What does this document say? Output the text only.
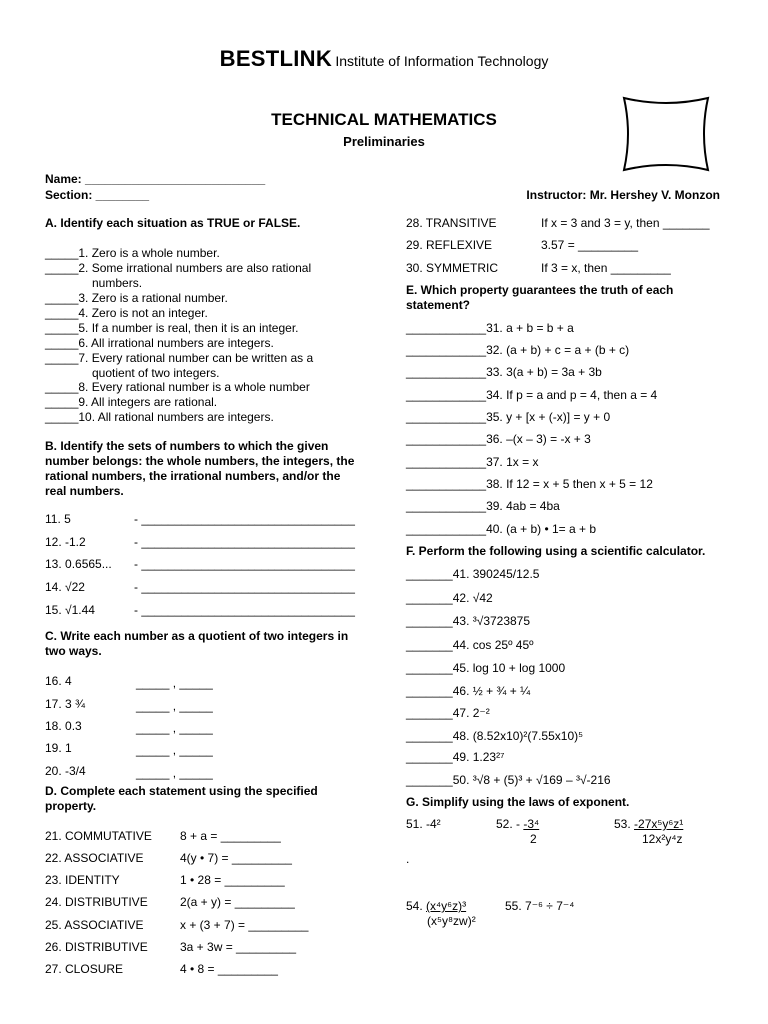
BESTLINK Institute of Information Technology
TECHNICAL MATHEMATICS
Preliminaries
Name: ___________________________
Section: ________	Instructor: Mr. Hershey V. Monzon
A. Identify each situation as TRUE or FALSE.
_____1. Zero is a whole number.
_____2. Some irrational numbers are also rational
numbers.
_____3. Zero is a rational number.
_____4. Zero is not an integer.
_____5. If a number is real, then it is an integer.
_____6. All irrational numbers are integers.
_____7. Every rational number can be written as a
quotient of two integers.
_____8. Every rational number is a whole number
_____9. All integers are rational.
_____10. All rational numbers are integers.
B. Identify the sets of numbers to which the given number belongs: the whole numbers, the integers, the rational numbers, the irrational numbers, and/or the real numbers.
11. 5	- ________________________________
12. -1.2	- ________________________________
13. 0.6565... - ________________________________
14. √22	- ________________________________
15. √1.44	- ________________________________
C. Write each number as a quotient of two integers in two ways.
16. 4	_____ , _____
17. 3 ¾	_____ , _____
18. 0.3	_____ , _____
19. 1	_____ , _____
20. -3/4	_____ , _____
D. Complete each statement using the specified property.
21. COMMUTATIVE 8 + a = _________
22. ASSOCIATIVE	4(y • 7) = _________
23. IDENTITY	1 • 28 = _________
24. DISTRIBUTIVE	2(a + y) = _________
25. ASSOCIATIVE	x + (3 + 7) = _________
26. DISTRIBUTIVE	3a + 3w = _________
27. CLOSURE	4 • 8 = _________
28. TRANSITIVE	If x = 3 and 3 = y, then _______
29. REFLEXIVE	3.57 = _________
30. SYMMETRIC	If 3 = x, then _________
E. Which property guarantees the truth of each statement?
____________31. a + b = b + a
____________32. (a + b) + c = a + (b + c)
____________33. 3(a + b) = 3a + 3b
____________34. If p = a and p = 4, then a = 4
____________35. y + [x + (-x)] = y + 0
____________36. –(x – 3) = -x + 3
____________37. 1x = x
____________38. If 12 = x + 5 then x + 5 = 12
____________39. 4ab = 4ba
____________40. (a + b) • 1= a + b
F. Perform the following using a scientific calculator.
_______41. 390245/12.5
_______42. √42
_______43. ³√3723875
_______44. cos 25º 45º
_______45. log 10 + log 1000
_______46. ½ + ¾ + ¼
_______47. 2⁻²
_______48. (8.52x10)²(7.55x10)⁵
_______49. 1.23²⁷
_______50. ³√8 + (5)³ + √169 – ³√-216
G. Simplify using the laws of exponent.
51. -4²	52. - -3⁴
2
53. -27x⁵y⁶z¹
12x²y⁴z
.
54. (x⁴y⁶z)³
(x⁵y⁸zw)²
55. 7⁻⁶ ÷ 7⁻⁴
